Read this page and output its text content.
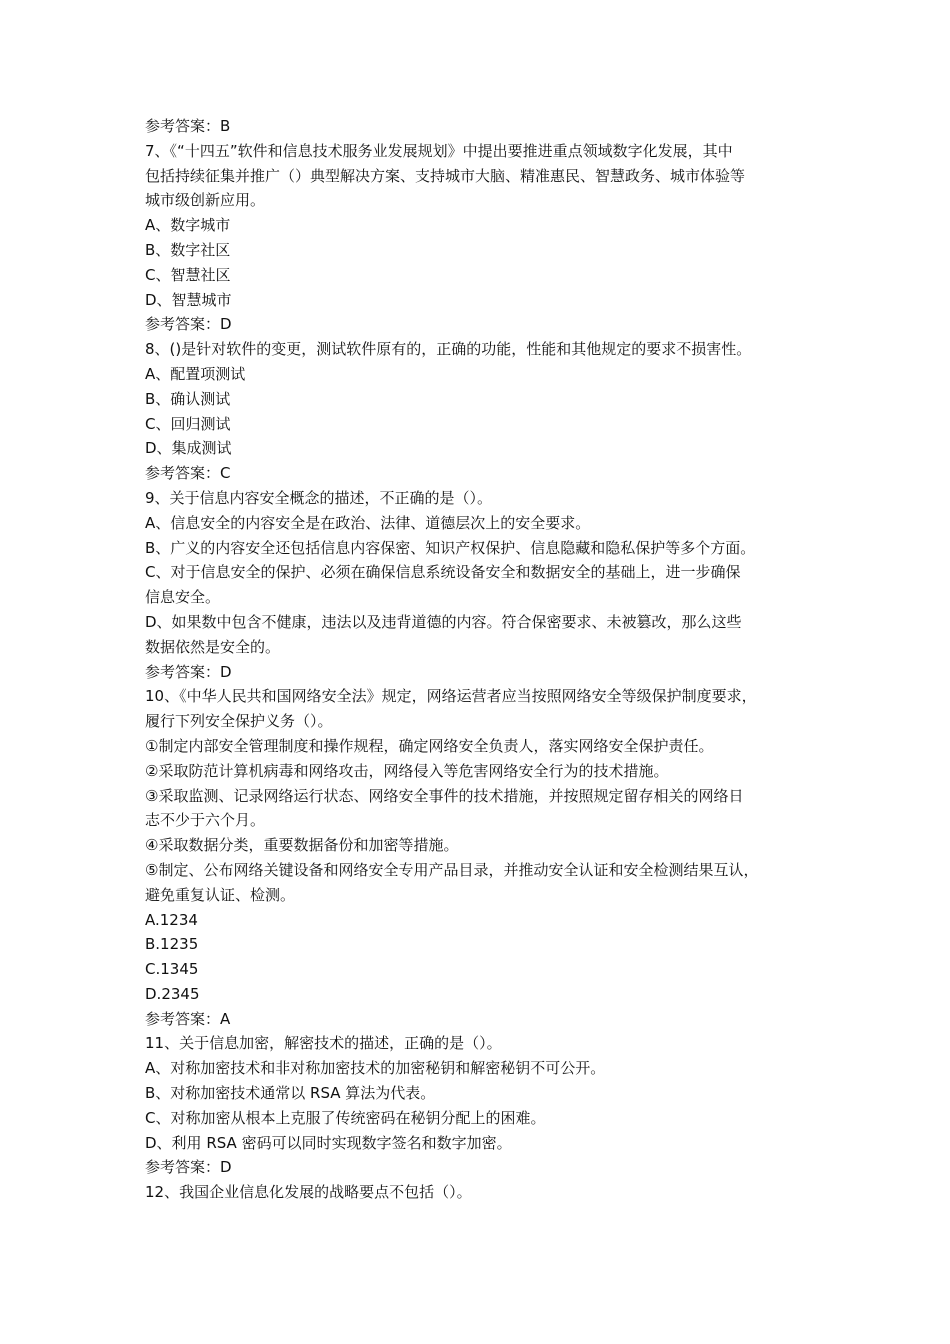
参考答案：B
7、《“十四五”软件和信息技术服务业发展规划》中提出要推进重点领域数字化发展，其中
包括持续征集并推广（）典型解决方案、支持城市大脑、精准惠民、智慧政务、城市体验等
城市级创新应用。
A、数字城市
B、数字社区
C、智慧社区
D、智慧城市
参考答案：D
8、()是针对软件的变更，测试软件原有的，正确的功能，性能和其他规定的要求不损害性。
A、配置项测试
B、确认测试
C、回归测试
D、集成测试
参考答案：C
9、关于信息内容安全概念的描述，不正确的是（）。
A、信息安全的内容安全是在政治、法律、道德层次上的安全要求。
B、广义的内容安全还包括信息内容保密、知识产权保护、信息隐藏和隐私保护等多个方面。
C、对于信息安全的保护、必须在确保信息系统设备安全和数据安全的基础上，进一步确保
信息安全。
D、如果数中包含不健康，违法以及违背道德的内容。符合保密要求、未被篡改，那么这些
数据依然是安全的。
参考答案：D
10、《中华人民共和国网络安全法》规定，网络运营者应当按照网络安全等级保护制度要求，
履行下列安全保护义务（）。
①制定内部安全管理制度和操作规程，确定网络安全负责人，落实网络安全保护责任。
②采取防范计算机病毒和网络攻击，网络侵入等危害网络安全行为的技术措施。
③采取监测、记录网络运行状态、网络安全事件的技术措施，并按照规定留存相关的网络日
志不少于六个月。
④采取数据分类，重要数据备份和加密等措施。
⑤制定、公布网络关键设备和网络安全专用产品目录，并推动安全认证和安全检测结果互认，
避免重复认证、检测。
A.1234
B.1235
C.1345
D.2345
参考答案：A
11、关于信息加密，解密技术的描述，正确的是（）。
A、对称加密技术和非对称加密技术的加密秘钥和解密秘钥不可公开。
B、对称加密技术通常以 RSA 算法为代表。
C、对称加密从根本上克服了传统密码在秘钥分配上的困难。
D、利用 RSA 密码可以同时实现数字签名和数字加密。
参考答案：D
12、我国企业信息化发展的战略要点不包括（）。
